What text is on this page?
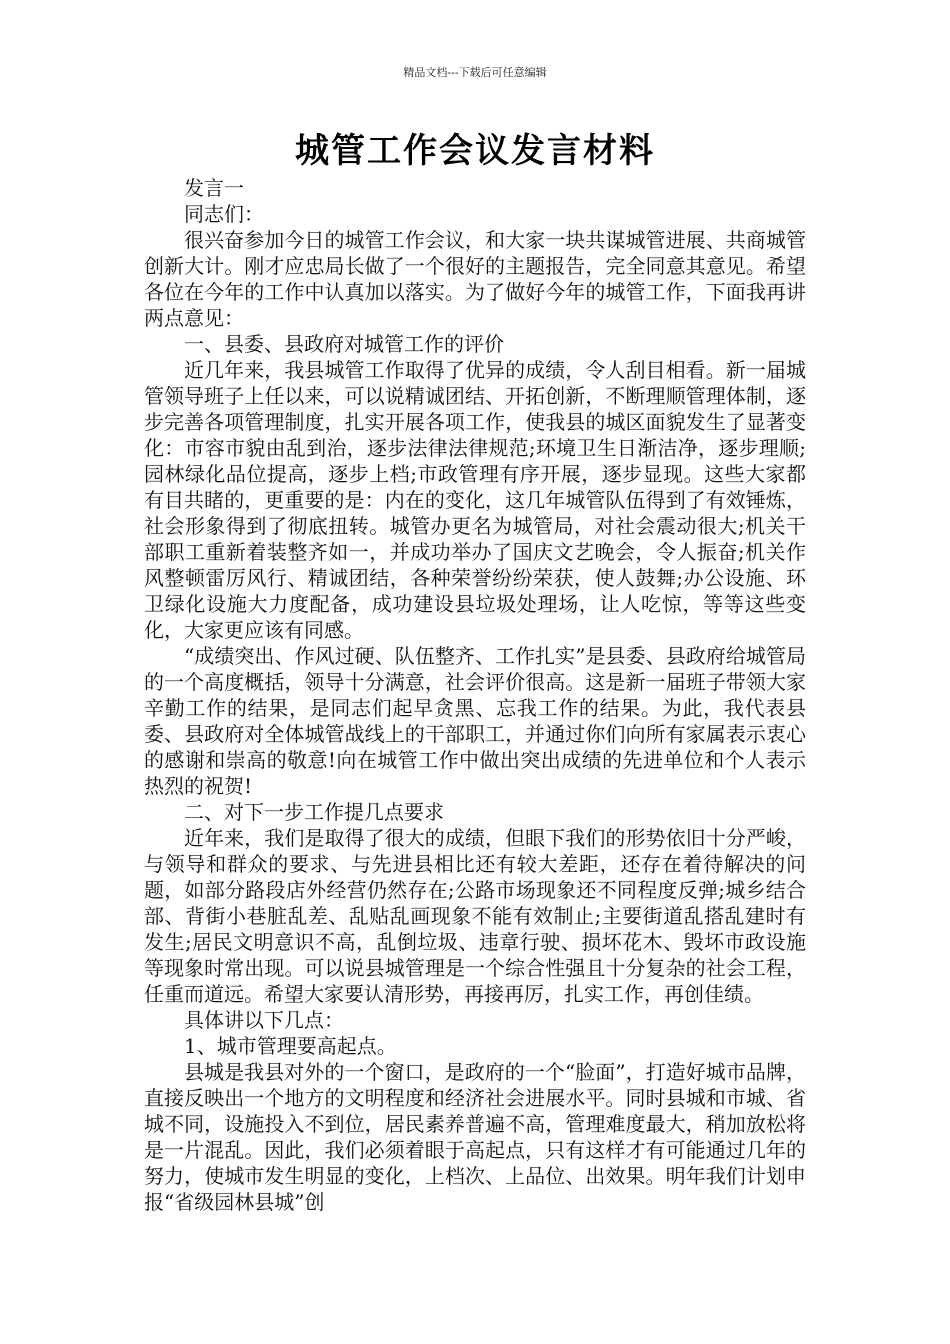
精品文档---下载后可任意编辑
城管工作会议发言材料

发言一

同志们：

很兴奋参加今日的城管工作会议，和大家一块共谋城管进展、共商城管创新大计。刚才应忠局长做了一个很好的主题报告，完全同意其意见。希望各位在今年的工作中认真加以落实。为了做好今年的城管工作，下面我再讲两点意见：

一、县委、县政府对城管工作的评价

近几年来，我县城管工作取得了优异的成绩，令人刮目相看。新一届城管领导班子上任以来，可以说精诚团结、开拓创新，不断理顺管理体制，逐步完善各项管理制度，扎实开展各项工作，使我县的城区面貌发生了显著变化：市容市貌由乱到治，逐步法律法律规范;环境卫生日渐洁净，逐步理顺;园林绿化品位提高，逐步上档;市政管理有序开展，逐步显现。这些大家都有目共睹的，更重要的是：内在的变化，这几年城管队伍得到了有效锤炼，社会形象得到了彻底扭转。城管办更名为城管局，对社会震动很大;机关干部职工重新着装整齐如一，并成功举办了国庆文艺晚会，令人振奋;机关作风整顿雷厉风行、精诚团结，各种荣誉纷纷荣获，使人鼓舞;办公设施、环卫绿化设施大力度配备，成功建设县垃圾处理场，让人吃惊，等等这些变化，大家更应该有同感。

“成绩突出、作风过硬、队伍整齐、工作扎实”是县委、县政府给城管局的一个高度概括，领导十分满意，社会评价很高。这是新一届班子带领大家辛勤工作的结果，是同志们起早贪黑、忘我工作的结果。为此，我代表县委、县政府对全体城管战线上的干部职工，并通过你们向所有家属表示衷心的感谢和崇高的敬意!向在城管工作中做出突出成绩的先进单位和个人表示热烈的祝贺!

二、对下一步工作提几点要求

近年来，我们是取得了很大的成绩，但眼下我们的形势依旧十分严峻，与领导和群众的要求、与先进县相比还有较大差距，还存在着待解决的问题，如部分路段店外经营仍然存在;公路市场现象还不同程度反弹;城乡结合部、背街小巷脏乱差、乱贴乱画现象不能有效制止;主要街道乱搭乱建时有发生;居民文明意识不高，乱倒垃圾、违章行驶、损坏花木、毁坏市政设施等现象时常出现。可以说县城管理是一个综合性强且十分复杂的社会工程，任重而道远。希望大家要认清形势，再接再厉，扎实工作，再创佳绩。

具体讲以下几点：

1、城市管理要高起点。

县城是我县对外的一个窗口，是政府的一个“脸面”，打造好城市品牌，直接反映出一个地方的文明程度和经济社会进展水平。同时县城和市城、省城不同，设施投入不到位，居民素养普遍不高，管理难度最大，稍加放松将是一片混乱。因此，我们必须着眼于高起点，只有这样才有可能通过几年的努力，使城市发生明显的变化，上档次、上品位、出效果。明年我们计划申报“省级园林县城”创
